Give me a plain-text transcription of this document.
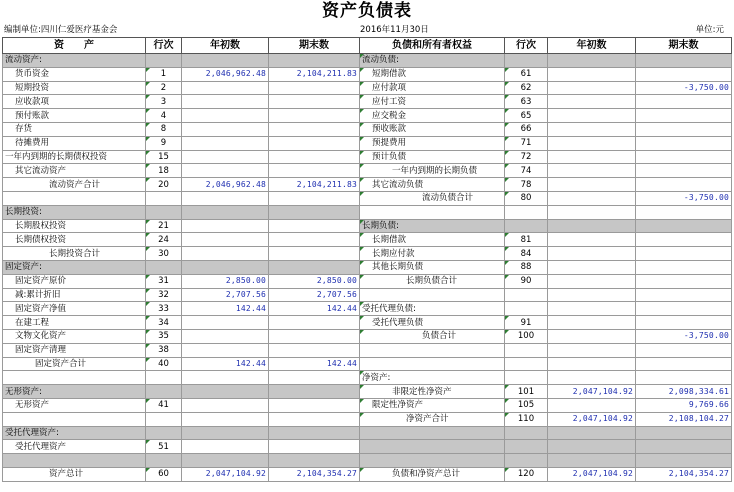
资产负债表
编制单位:四川仁爱医疗基金会	2016年11月30日	单位:元
资　　产	行次	年初数	期末数	负债和所有者权益	行次	年初数	期末数
流动资产:				流动负债:			
货币资金	1	2,046,962.48	2,104,211.83	短期借款	61		
短期投资	2			应付款项	62		-3,750.00
应收款项	3			应付工资	63		
预付账款	4			应交税金	65		
存货	8			预收账款	66		
待摊费用	9			预提费用	71		
一年内到期的长期债权投资	15			预计负债	72		
其它流动资产	18			一年内到期的长期负债	74		
流动资产合计	20	2,046,962.48	2,104,211.83	其它流动负债	78		
				流动负债合计	80		-3,750.00
长期投资:							
长期股权投资	21			长期负债:			
长期债权投资	24			长期借款	81		
长期投资合计	30			长期应付款	84		
固定资产:				其他长期负债	88		
固定资产原价	31	2,850.00	2,850.00	长期负债合计	90		
减:累计折旧	32	2,707.56	2,707.56				
固定资产净值	33	142.44	142.44	受托代理负债:			
在建工程	34			受托代理负债	91		
文物文化资产	35			负债合计	100		-3,750.00
固定资产清理	38						
固定资产合计	40	142.44	142.44				
				净资产:			
无形资产:				非限定性净资产	101	2,047,104.92	2,098,334.61
无形资产	41			限定性净资产	105		9,769.66
				净资产合计	110	2,047,104.92	2,108,104.27
受托代理资产:							
受托代理资产	51						

资产总计	60	2,047,104.92	2,104,354.27	负债和净资产总计	120	2,047,104.92	2,104,354.27
